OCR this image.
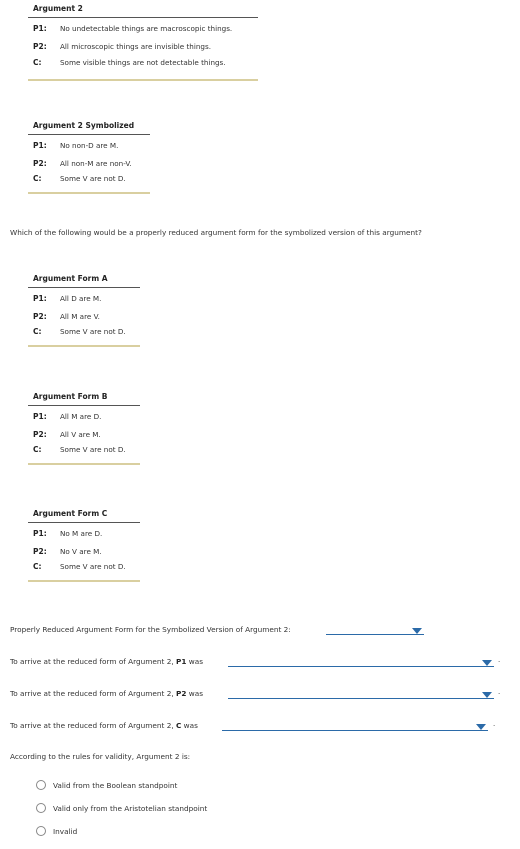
Argument 2
P1:	No undetectable things are macroscopic things.
P2:	All microscopic things are invisible things.
C:	Some visible things are not detectable things.
Argument 2 Symbolized
P1:	No non-D are M.
P2:	All non-M are non-V.
C:	Some V are not D.
Which of the following would be a properly reduced argument form for the symbolized version of this argument?
Argument Form A
P1:	All D are M.
P2:	All M are V.
C:	Some V are not D.
Argument Form B
P1:	All M are D.
P2:	All V are M.
C:	Some V are not D.
Argument Form C
P1:	No M are D.
P2:	No V are M.
C:	Some V are not D.
Properly Reduced Argument Form for the Symbolized Version of Argument 2:
To arrive at the reduced form of Argument 2,
P1
was	.
To arrive at the reduced form of Argument 2,
P2
was	.
To arrive at the reduced form of Argument 2,
C
was	.
According to the rules for validity, Argument 2 is:
Valid from the Boolean standpoint
Valid only from the Aristotelian standpoint
Invalid
